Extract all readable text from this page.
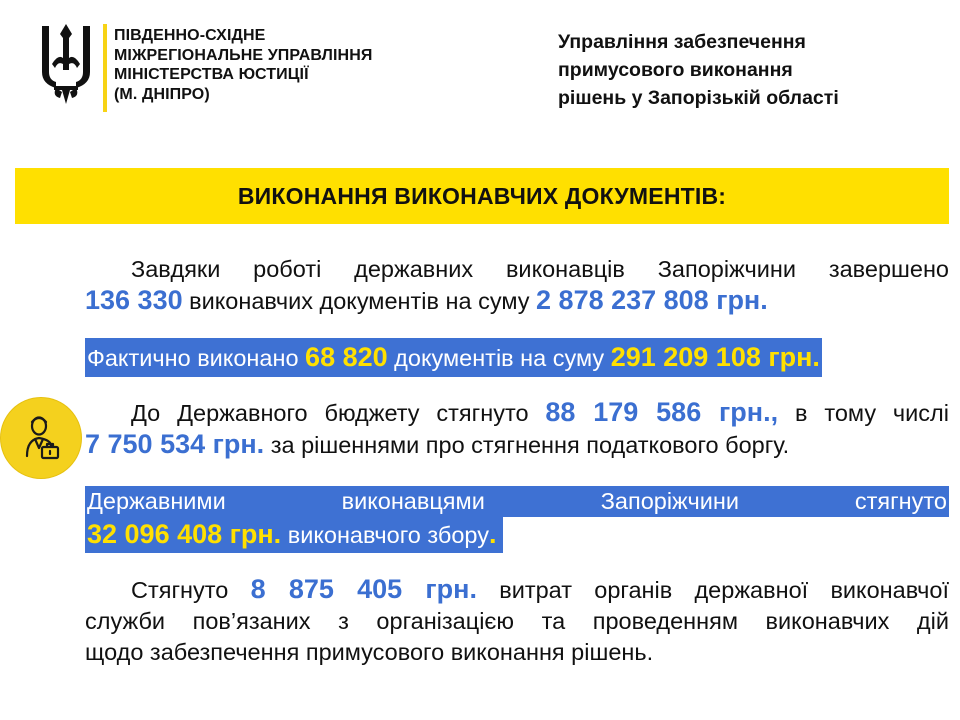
ПІВДЕННО-СХІДНЕ
МІЖРЕГІОНАЛЬНЕ УПРАВЛІННЯ
МІНІСТЕРСТВА ЮСТИЦІЇ
(М. ДНІПРО)
Управління забезпечення
примусового виконання
рішень у Запорізькій області
ВИКОНАННЯ ВИКОНАВЧИХ ДОКУМЕНТІВ:
Завдяки роботі державних виконавців Запоріжчини завершено
136 330 виконавчих документів на суму 2 878 237 808 грн.
Фактично виконано 68 820 документів на суму 291 209 108 грн.
До Державного бюджету стягнуто 88 179 586 грн., в тому числі
7 750 534 грн. за рішеннями про стягнення податкового боргу.
Державними	виконавцями	Запоріжчини	стягнуто
32 096 408 грн. виконавчого збору.
Стягнуто 8 875 405 грн. витрат органів державної виконавчої
служби пов’язаних з організацією та проведенням виконавчих дій
щодо забезпечення примусового виконання рішень.
